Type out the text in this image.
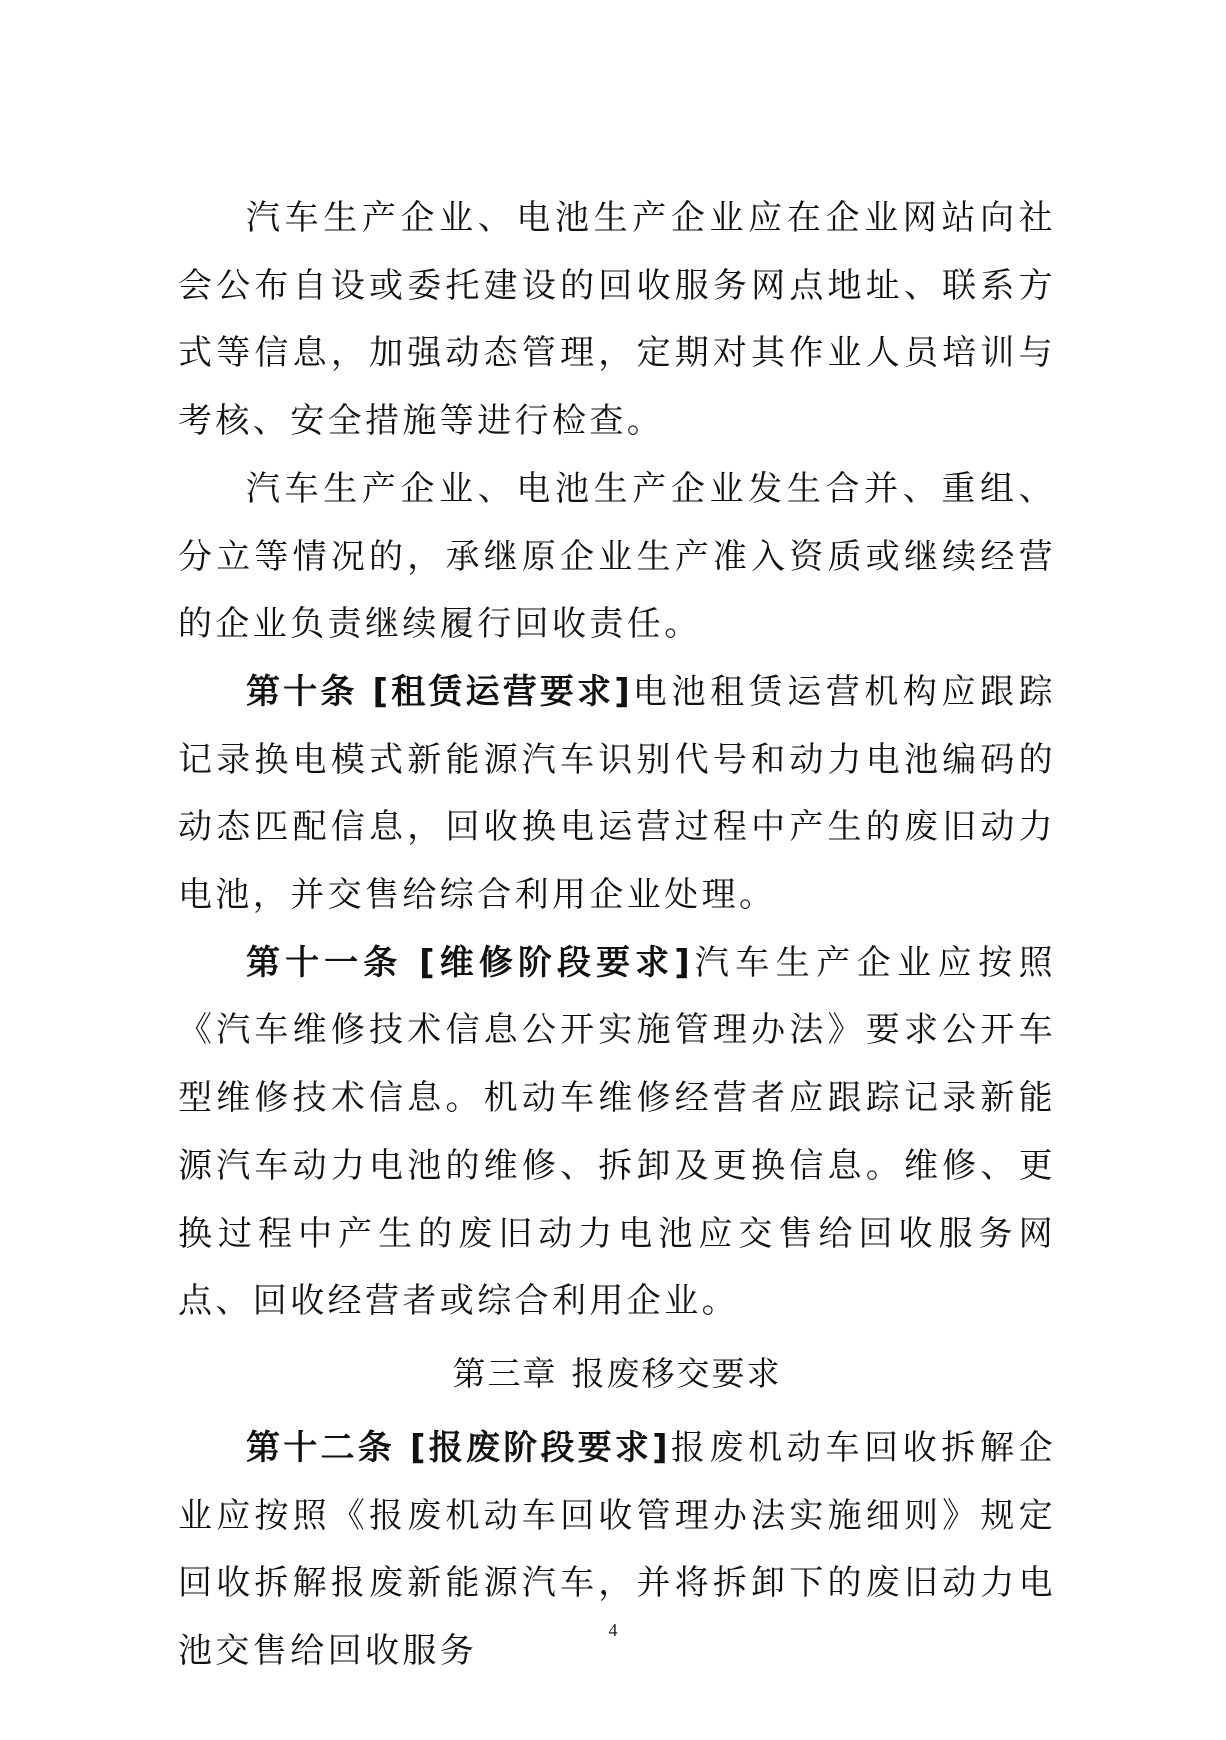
汽车生产企业、电池生产企业应在企业网站向社会公布自设或委托建设的回收服务网点地址、联系方式等信息，加强动态管理，定期对其作业人员培训与考核、安全措施等进行检查。

汽车生产企业、电池生产企业发生合并、重组、分立等情况的，承继原企业生产准入资质或继续经营的企业负责继续履行回收责任。

第十条 [租赁运营要求]电池租赁运营机构应跟踪记录换电模式新能源汽车识别代号和动力电池编码的动态匹配信息，回收换电运营过程中产生的废旧动力电池，并交售给综合利用企业处理。

第十一条 [维修阶段要求]汽车生产企业应按照《汽车维修技术信息公开实施管理办法》要求公开车型维修技术信息。机动车维修经营者应跟踪记录新能源汽车动力电池的维修、拆卸及更换信息。维修、更换过程中产生的废旧动力电池应交售给回收服务网点、回收经营者或综合利用企业。

第三章 报废移交要求

第十二条 [报废阶段要求]报废机动车回收拆解企业应按照《报废机动车回收管理办法实施细则》规定回收拆解报废新能源汽车，并将拆卸下的废旧动力电池交售给回收服务

4
